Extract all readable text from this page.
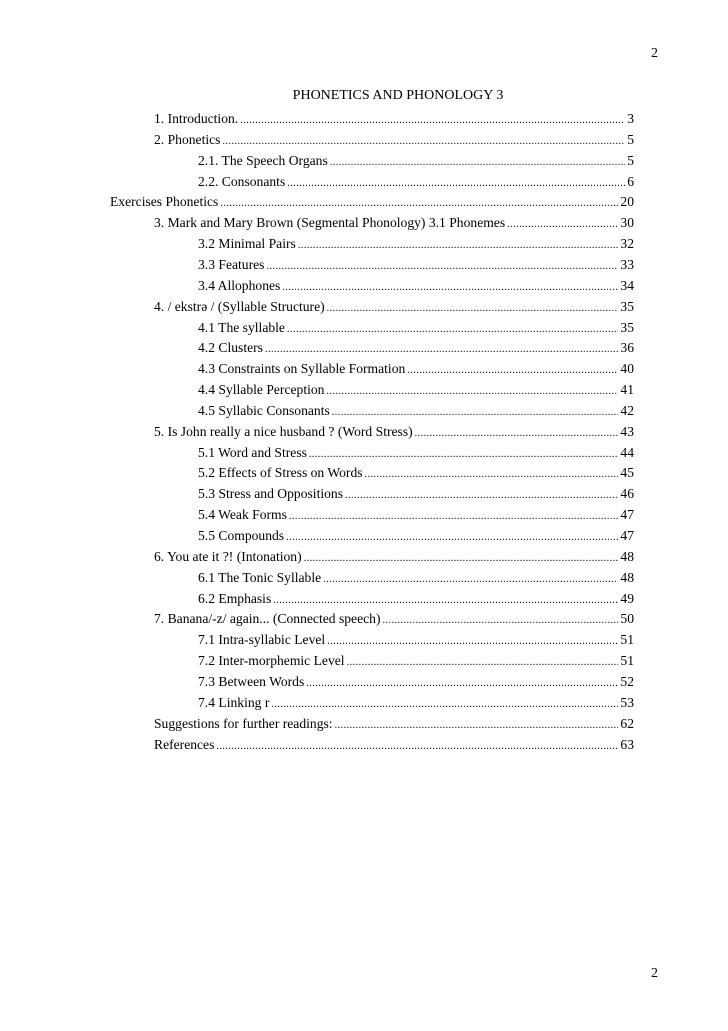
2
PHONETICS AND PHONOLOGY 3
1. Introduction. .....	3
2. Phonetics .....	5
2.1. The Speech Organs .....	5
2.2. Consonants .....	6
Exercises Phonetics .....	20
3. Mark and Mary Brown (Segmental Phonology) 3.1 Phonemes .....	30
3.2 Minimal Pairs .....	32
3.3 Features .....	33
3.4 Allophones .....	34
4. / ekstrə / (Syllable Structure) .....	35
4.1 The syllable .....	35
4.2 Clusters .....	36
4.3 Constraints on Syllable Formation .....	40
4.4 Syllable Perception .....	41
4.5 Syllabic Consonants .....	42
5. Is John really a nice husband ? (Word Stress) .....	43
5.1 Word and Stress .....	44
5.2 Effects of Stress on Words .....	45
5.3 Stress and Oppositions .....	46
5.4 Weak Forms .....	47
5.5 Compounds .....	47
6. You ate it ?! (Intonation) .....	48
6.1 The Tonic Syllable .....	48
6.2 Emphasis .....	49
7. Banana/-z/ again... (Connected speech) .....	50
7.1 Intra-syllabic Level .....	51
7.2 Inter-morphemic Level .....	51
7.3 Between Words .....	52
7.4 Linking r .....	53
Suggestions for further readings: .....	62
References .....	63
2
